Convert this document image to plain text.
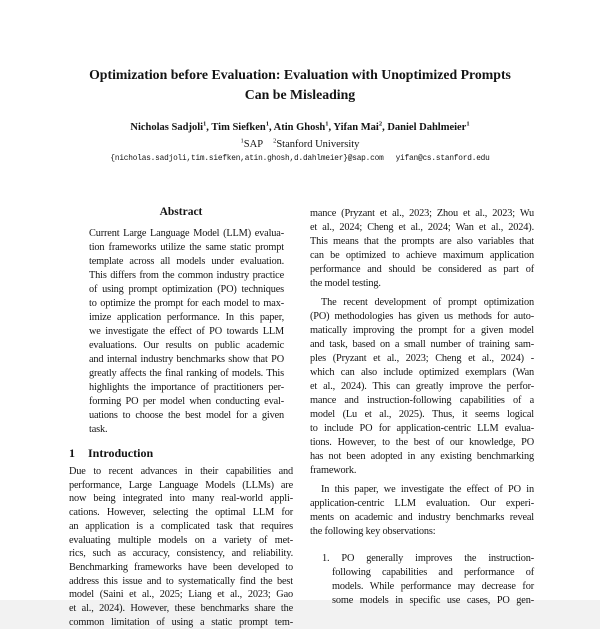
Optimization before Evaluation: Evaluation with Unoptimized Prompts
Can be Misleading
Nicholas Sadjoli$^1$, Tim Siefken$^1$, Atin Ghosh$^1$, Yifan Mai$^2$, Daniel Dahlmeier$^1$
$^1$SAP $^2$Stanford University
{nicholas.sadjoli,tim.siefken,atin.ghosh,d.dahlmeier}@sap.com yifan@cs.stanford.edu
Abstract
Current Large Language Model (LLM) evalua-
tion frameworks utilize the same static prompt
template across all models under evaluation.
This differs from the common industry practice
of using prompt optimization (PO) techniques
to optimize the prompt for each model to max-
imize application performance. In this paper,
we investigate the effect of PO towards LLM
evaluations. Our results on public academic
and internal industry benchmarks show that PO
greatly affects the final ranking of models. This
highlights the importance of practitioners per-
forming PO per model when conducting eval-
uations to choose the best model for a given
task.
1 Introduction
Due to recent advances in their capabilities and
performance, Large Language Models (LLMs) are
now being integrated into many real-world appli-
cations. However, selecting the optimal LLM for
an application is a complicated task that requires
evaluating multiple models on a variety of met-
rics, such as accuracy, consistency, and reliability.
Benchmarking frameworks have been developed to
address this issue and to systematically find the best
model (Saini et al., 2025; Liang et al., 2023; Gao
et al., 2024). However, these benchmarks share the
common limitation of using a static prompt tem-
mance (Pryzant et al., 2023; Zhou et al., 2023; Wu
et al., 2024; Cheng et al., 2024; Wan et al., 2024).
This means that the prompts are also variables that
can be optimized to achieve maximum application
performance and should be considered as part of
the model testing.
The recent development of prompt optimization
(PO) methodologies has given us methods for auto-
matically improving the prompt for a given model
and task, based on a small number of training sam-
ples (Pryzant et al., 2023; Cheng et al., 2024) -
which can also include optimized exemplars (Wan
et al., 2024). This can greatly improve the perfor-
mance and instruction-following capabilities of a
model (Lu et al., 2025). Thus, it seems logical
to include PO for application-centric LLM evalua-
tions. However, to the best of our knowledge, PO
has not been adopted in any existing benchmarking
framework.
In this paper, we investigate the effect of PO in
application-centric LLM evaluation. Our experi-
ments on academic and industry benchmarks reveal
the following key observations:
1. PO generally improves the instruction-
following capabilities and performance of
models. While performance may decrease for
some models in specific use cases, PO gen-
